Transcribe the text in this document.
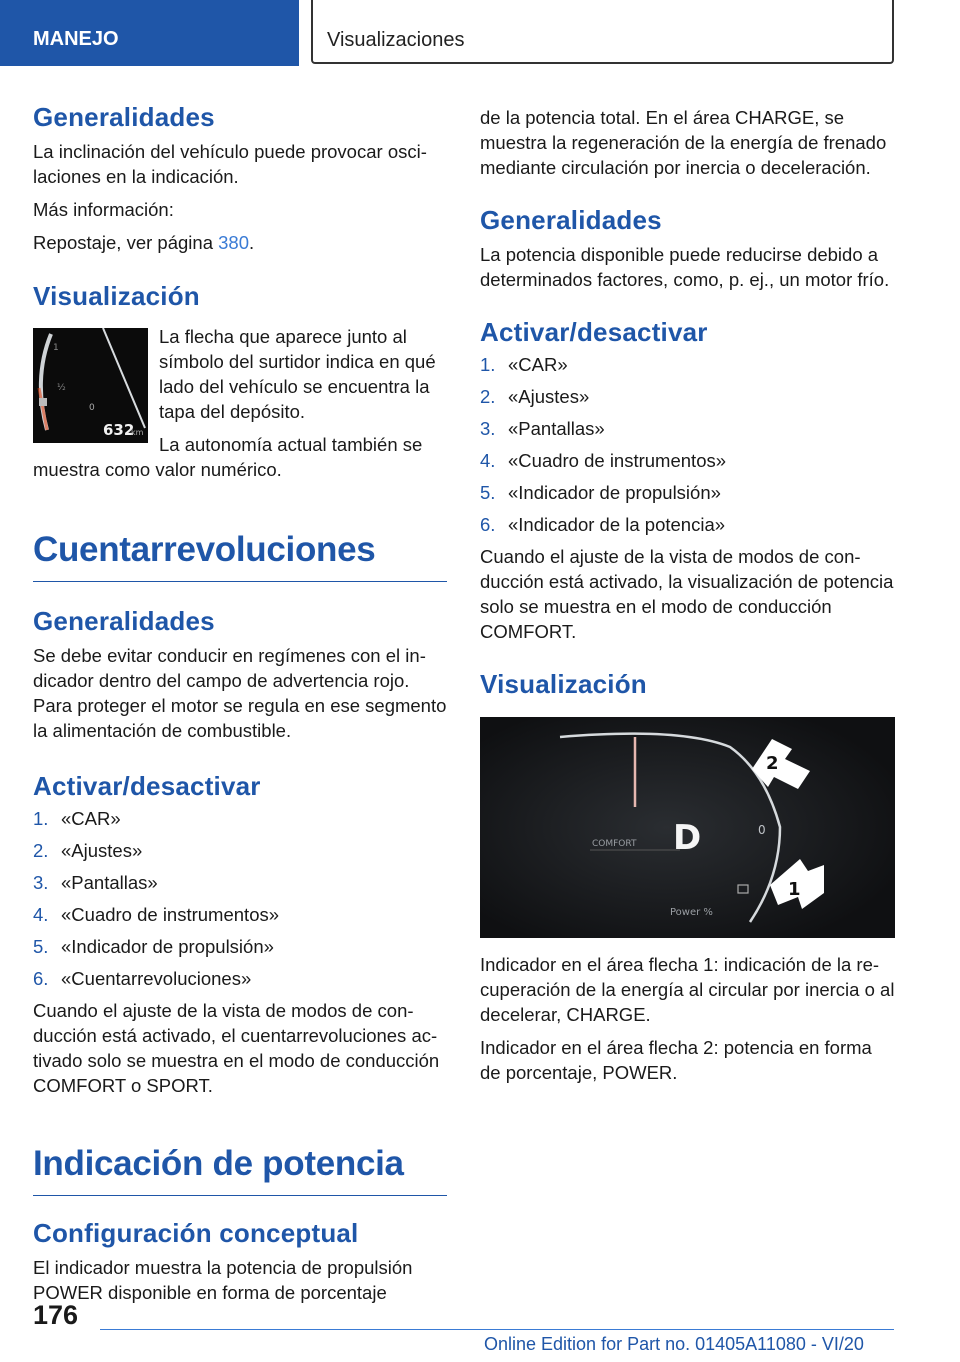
MANEJO	Visualizaciones
Generalidades

La inclinación del vehículo puede provocar oscilaciones en la indicación.

Más información:

Repostaje, ver página 380.

Visualización
1
½
0
632
km

La flecha que aparece junto al símbolo del surtidor indica en qué lado del vehículo se encuentra la tapa del depósito.

La autonomía actual también se muestra como valor numérico.

Cuentarrevoluciones
Generalidades

Se debe evitar conducir en regímenes con el indicador dentro del campo de advertencia rojo. Para proteger el motor se regula en ese segmento la alimentación de combustible.

Activar/desactivar
1. «CAR»
2. «Ajustes»
3. «Pantallas»
4. «Cuadro de instrumentos»
5. «Indicador de propulsión»
6. «Cuentarrevoluciones»

Cuando el ajuste de la vista de modos de conducción está activado, el cuentarrevoluciones activado solo se muestra en el modo de conducción COMFORT o SPORT.

Indicación de potencia
Configuración conceptual

El indicador muestra la potencia de propulsión POWER disponible en forma de porcentaje

de la potencia total. En el área CHARGE, se muestra la regeneración de la energía de frenado mediante circulación por inercia o deceleración.

Generalidades

La potencia disponible puede reducirse debido a determinados factores, como, p. ej., un motor frío.

Activar/desactivar
1. «CAR»
2. «Ajustes»
3. «Pantallas»
4. «Cuadro de instrumentos»
5. «Indicador de propulsión»
6. «Indicador de la potencia»

Cuando el ajuste de la vista de modos de conducción está activado, la visualización de potencia solo se muestra en el modo de conducción COMFORT.

Visualización
COMFORT D	0
Power %
2
1

Indicador en el área flecha 1: indicación de la recuperación de la energía al circular por inercia o al decelerar, CHARGE.

Indicador en el área flecha 2: potencia en forma de porcentaje, POWER.

176
Online Edition for Part no. 01405A11080 - VI/20
